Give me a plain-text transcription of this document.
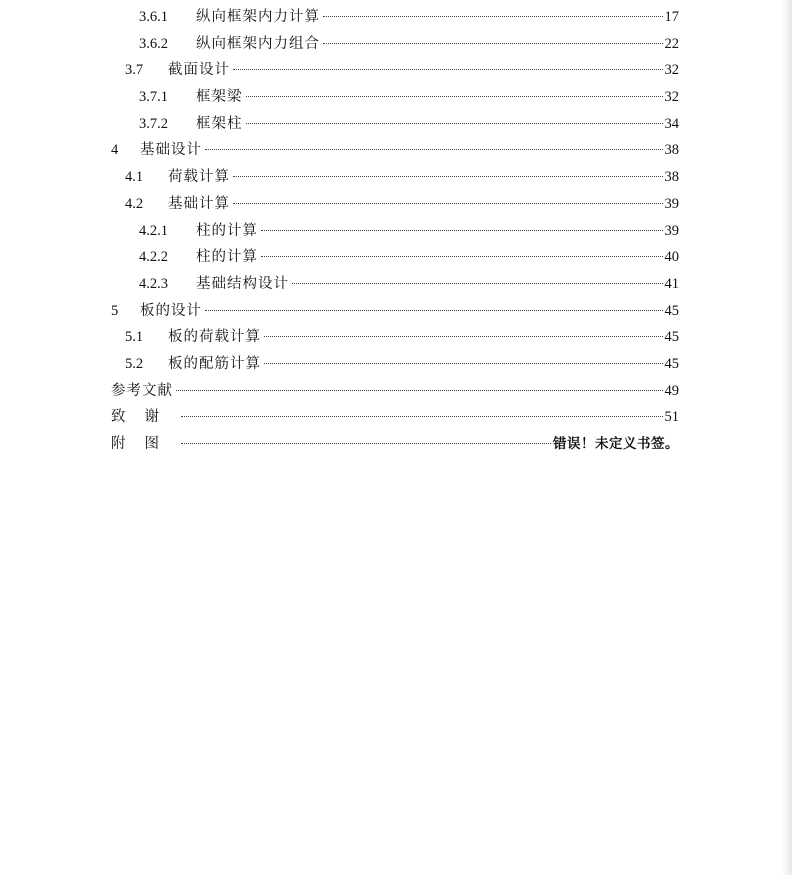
3.6.1	纵向框架内力计算	17
3.6.2	纵向框架内力组合	22
3.7	截面设计	32
3.7.1	框架梁	32
3.7.2	框架柱	34
4	基础设计	38
4.1	荷载计算	38
4.2	基础计算	39
4.2.1	柱的计算	39
4.2.2	柱的计算	40
4.2.3	基础结构设计	41
5	板的设计	45
5.1	板的荷载计算	45
5.2	板的配筋计算	45
参考文献	49
致谢	51
附图	错误！未定义书签。
